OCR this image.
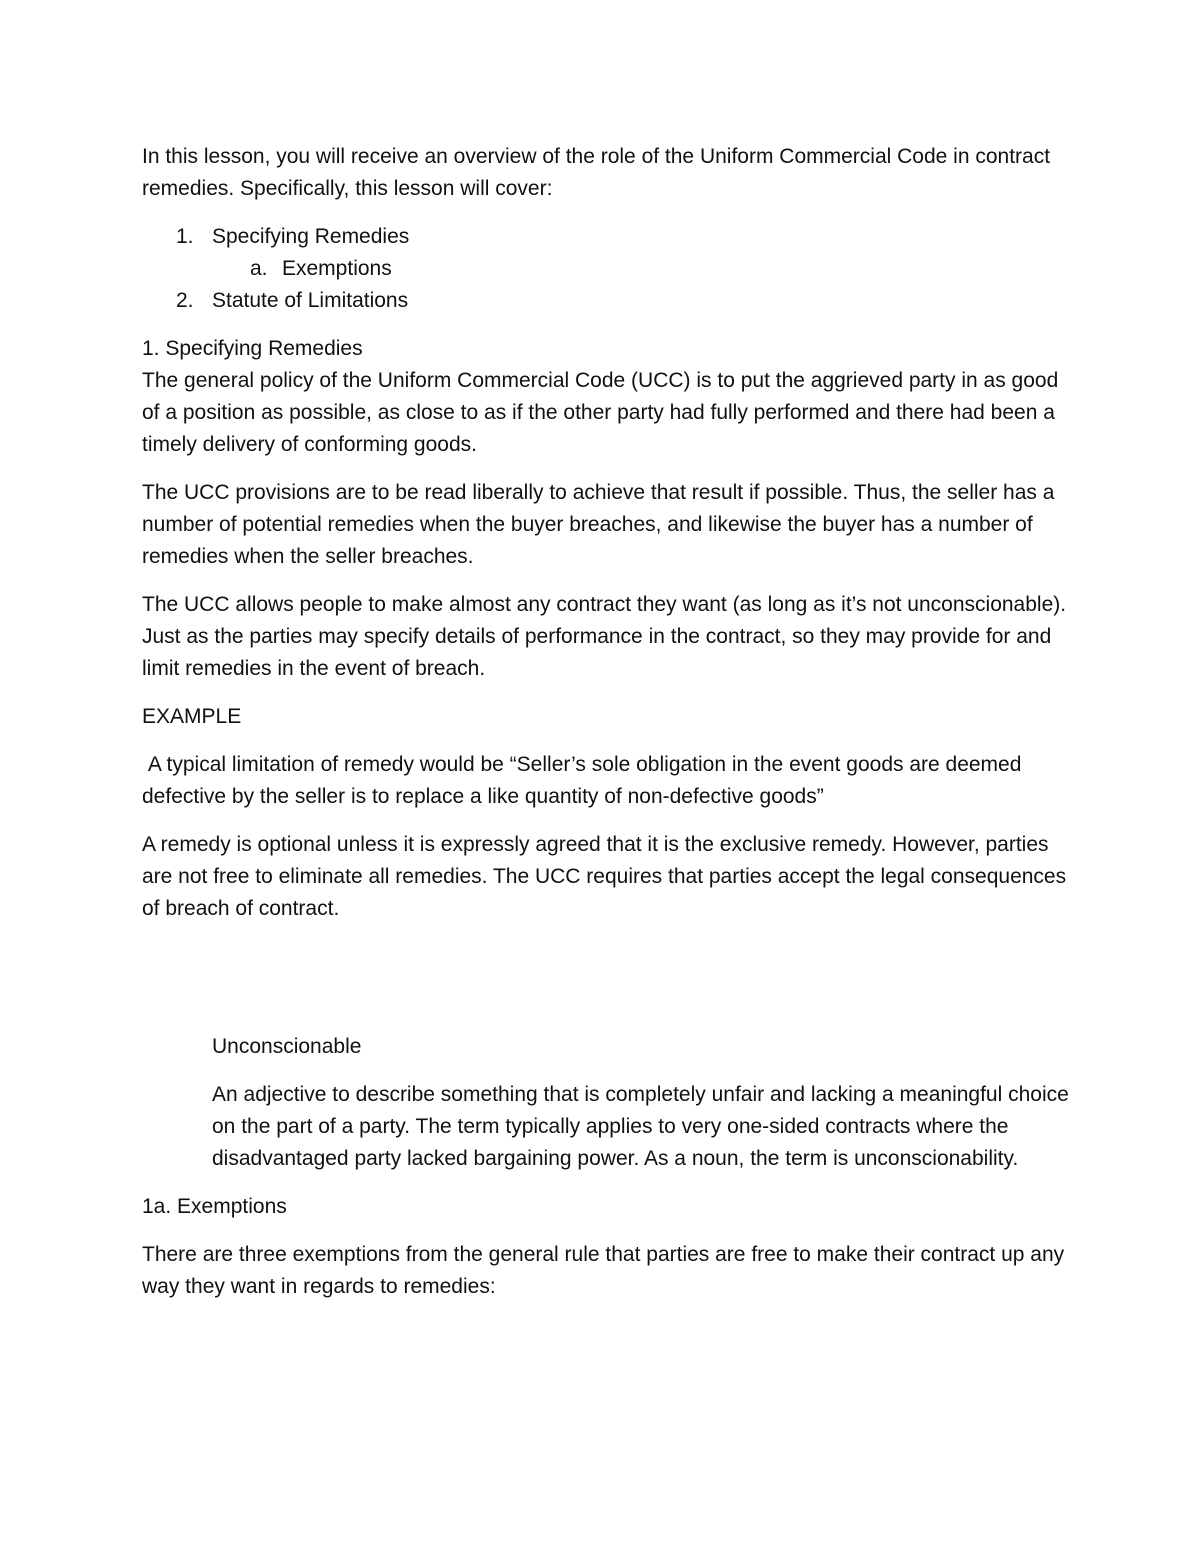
In this lesson, you will receive an overview of the role of the Uniform Commercial Code in contract remedies. Specifically, this lesson will cover:

1. Specifying Remedies
a. Exemptions
2. Statute of Limitations

1. Specifying Remedies

The general policy of the Uniform Commercial Code (UCC) is to put the aggrieved party in as good of a position as possible, as close to as if the other party had fully performed and there had been a timely delivery of conforming goods.

The UCC provisions are to be read liberally to achieve that result if possible. Thus, the seller has a number of potential remedies when the buyer breaches, and likewise the buyer has a number of remedies when the seller breaches.

The UCC allows people to make almost any contract they want (as long as it’s not unconscionable). Just as the parties may specify details of performance in the contract, so they may provide for and limit remedies in the event of breach.

EXAMPLE

A typical limitation of remedy would be “Seller’s sole obligation in the event goods are deemed defective by the seller is to replace a like quantity of non-defective goods”

A remedy is optional unless it is expressly agreed that it is the exclusive remedy. However, parties are not free to eliminate all remedies. The UCC requires that parties accept the legal consequences of breach of contract.

Unconscionable

An adjective to describe something that is completely unfair and lacking a meaningful choice on the part of a party. The term typically applies to very one-sided contracts where the disadvantaged party lacked bargaining power. As a noun, the term is unconscionability.

1a. Exemptions

There are three exemptions from the general rule that parties are free to make their contract up any way they want in regards to remedies:
